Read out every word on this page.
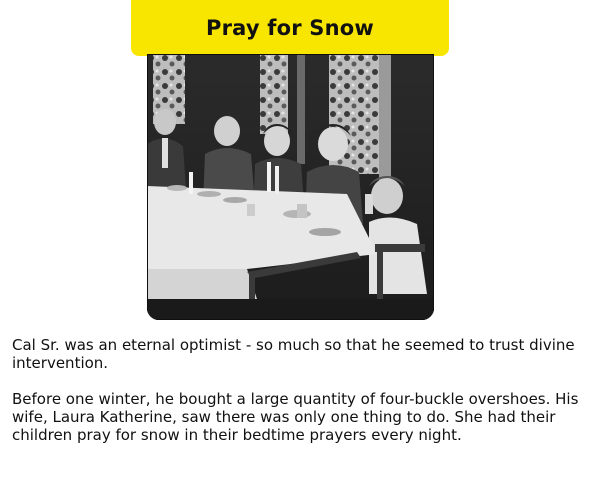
Pray for Snow

Cal Sr. was an eternal optimist - so much so that he seemed to trust divine intervention.

Before one winter, he bought a large quantity of four-buckle overshoes. His wife, Laura Katherine, saw there was only one thing to do. She had their children pray for snow in their bedtime prayers every night.
